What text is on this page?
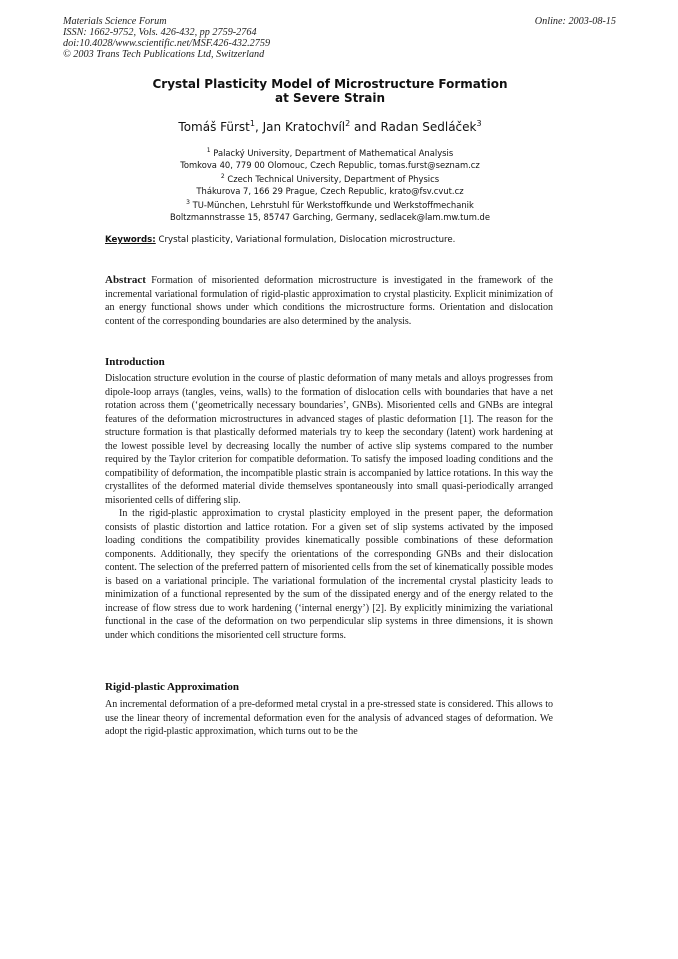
Materials Science Forum
ISSN: 1662-9752, Vols. 426-432, pp 2759-2764
doi:10.4028/www.scientific.net/MSF.426-432.2759
© 2003 Trans Tech Publications Ltd, Switzerland
Online: 2003-08-15
Crystal Plasticity Model of Microstructure Formation
at Severe Strain
Tomáš Fürst$^1$, Jan Kratochvíl$^2$ and Radan Sedláček$^3$
$^1$ Palacký University, Department of Mathematical Analysis
Tomkova 40, 779 00 Olomouc, Czech Republic, tomas.furst@seznam.cz
$^2$ Czech Technical University, Department of Physics
Thákurova 7, 166 29 Prague, Czech Republic, krato@fsv.cvut.cz
$^3$ TU-München, Lehrstuhl für Werkstoffkunde und Werkstoffmechanik
Boltzmannstrasse 15, 85747 Garching, Germany, sedlacek@lam.mw.tum.de
Keywords: Crystal plasticity, Variational formulation, Dislocation microstructure.

Abstract Formation of misoriented deformation microstructure is investigated in the framework of the incremental variational formulation of rigid-plastic approximation to crystal plasticity. Explicit minimization of an energy functional shows under which conditions the microstructure forms. Orientation and dislocation content of the corresponding boundaries are also determined by the analysis.

Introduction

Dislocation structure evolution in the course of plastic deformation of many metals and alloys progresses from dipole-loop arrays (tangles, veins, walls) to the formation of dislocation cells with boundaries that have a net rotation across them (‘geometrically necessary boundaries’, GNBs). Misoriented cells and GNBs are integral features of the deformation microstructures in advanced stages of plastic deformation [1]. The reason for the structure formation is that plastically deformed materials try to keep the secondary (latent) work hardening at the lowest possible level by decreasing locally the number of active slip systems compared to the number required by the Taylor criterion for compatible deformation. To satisfy the imposed loading conditions and the compatibility of deformation, the incompatible plastic strain is accompanied by lattice rotations. In this way the crystallites of the deformed material divide themselves spontaneously into small quasi-periodically arranged misoriented cells of differing slip.

In the rigid-plastic approximation to crystal plasticity employed in the present paper, the deformation consists of plastic distortion and lattice rotation. For a given set of slip systems activated by the imposed loading conditions the compatibility provides kinematically possible combinations of these deformation components. Additionally, they specify the orientations of the corresponding GNBs and their dislocation content. The selection of the preferred pattern of misoriented cells from the set of kinematically possible modes is based on a variational principle. The variational formulation of the incremental crystal plasticity leads to minimization of a functional represented by the sum of the dissipated energy and of the energy related to the increase of flow stress due to work hardening (‘internal energy’) [2]. By explicitly minimizing the variational functional in the case of the deformation on two perpendicular slip systems in three dimensions, it is shown under which conditions the misoriented cell structure forms.

Rigid-plastic Approximation

An incremental deformation of a pre-deformed metal crystal in a pre-stressed state is considered. This allows to use the linear theory of incremental deformation even for the analysis of advanced stages of deformation. We adopt the rigid-plastic approximation, which turns out to be the
